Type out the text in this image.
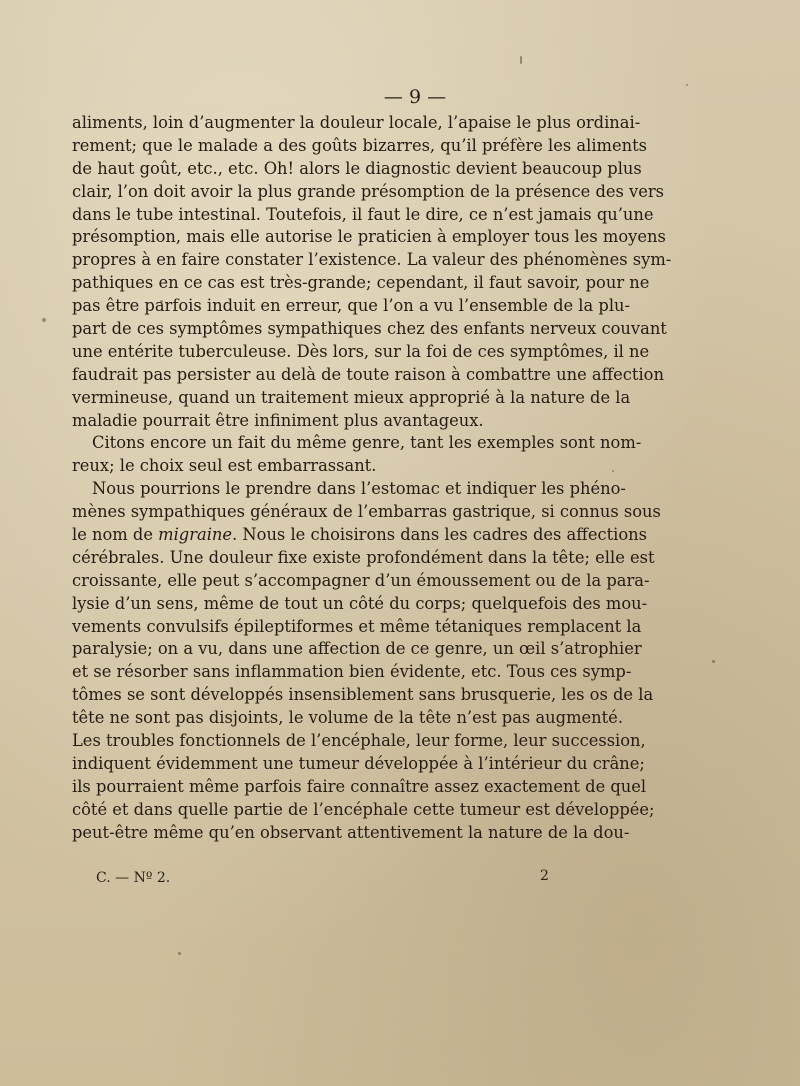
— 9 —
aliments, loin d’augmenter la douleur locale, l’apaise le plus ordinai-
rement; que le malade a des goûts bizarres, qu’il préfère les aliments
de haut goût, etc., etc. Oh! alors le diagnostic devient beaucoup plus
clair, l’on doit avoir la plus grande présomption de la présence des vers
dans le tube intestinal. Toutefois, il faut le dire, ce n’est jamais qu’une
présomption, mais elle autorise le praticien à employer tous les moyens
propres à en faire constater l’existence. La valeur des phénomènes sym-
pathiques en ce cas est très-grande; cependant, il faut savoir, pour ne
pas être parfois induit en erreur, que l’on a vu l’ensemble de la plu-
part de ces symptômes sympathiques chez des enfants nerveux couvant
une entérite tuberculeuse. Dès lors, sur la foi de ces symptômes, il ne
faudrait pas persister au delà de toute raison à combattre une affection
vermineuse, quand un traitement mieux approprié à la nature de la
maladie pourrait être infiniment plus avantageux.
Citons encore un fait du même genre, tant les exemples sont nom-
reux; le choix seul est embarrassant.
Nous pourrions le prendre dans l’estomac et indiquer les phéno-
mènes sympathiques généraux de l’embarras gastrique, si connus sous
le nom de migraine. Nous le choisirons dans les cadres des affections
cérébrales. Une douleur fixe existe profondément dans la tête; elle est
croissante, elle peut s’accompagner d’un émoussement ou de la para-
lysie d’un sens, même de tout un côté du corps; quelquefois des mou-
vements convulsifs épileptiformes et même tétaniques remplacent la
paralysie; on a vu, dans une affection de ce genre, un œil s’atrophier
et se résorber sans inflammation bien évidente, etc. Tous ces symp-
tômes se sont développés insensiblement sans brusquerie, les os de la
tête ne sont pas disjoints, le volume de la tête n’est pas augmenté.
Les troubles fonctionnels de l’encéphale, leur forme, leur succession,
indiquent évidemment une tumeur développée à l’intérieur du crâne;
ils pourraient même parfois faire connaître assez exactement de quel
côté et dans quelle partie de l’encéphale cette tumeur est développée;
peut-être même qu’en observant attentivement la nature de la dou-
C. — Nº 2.	2
